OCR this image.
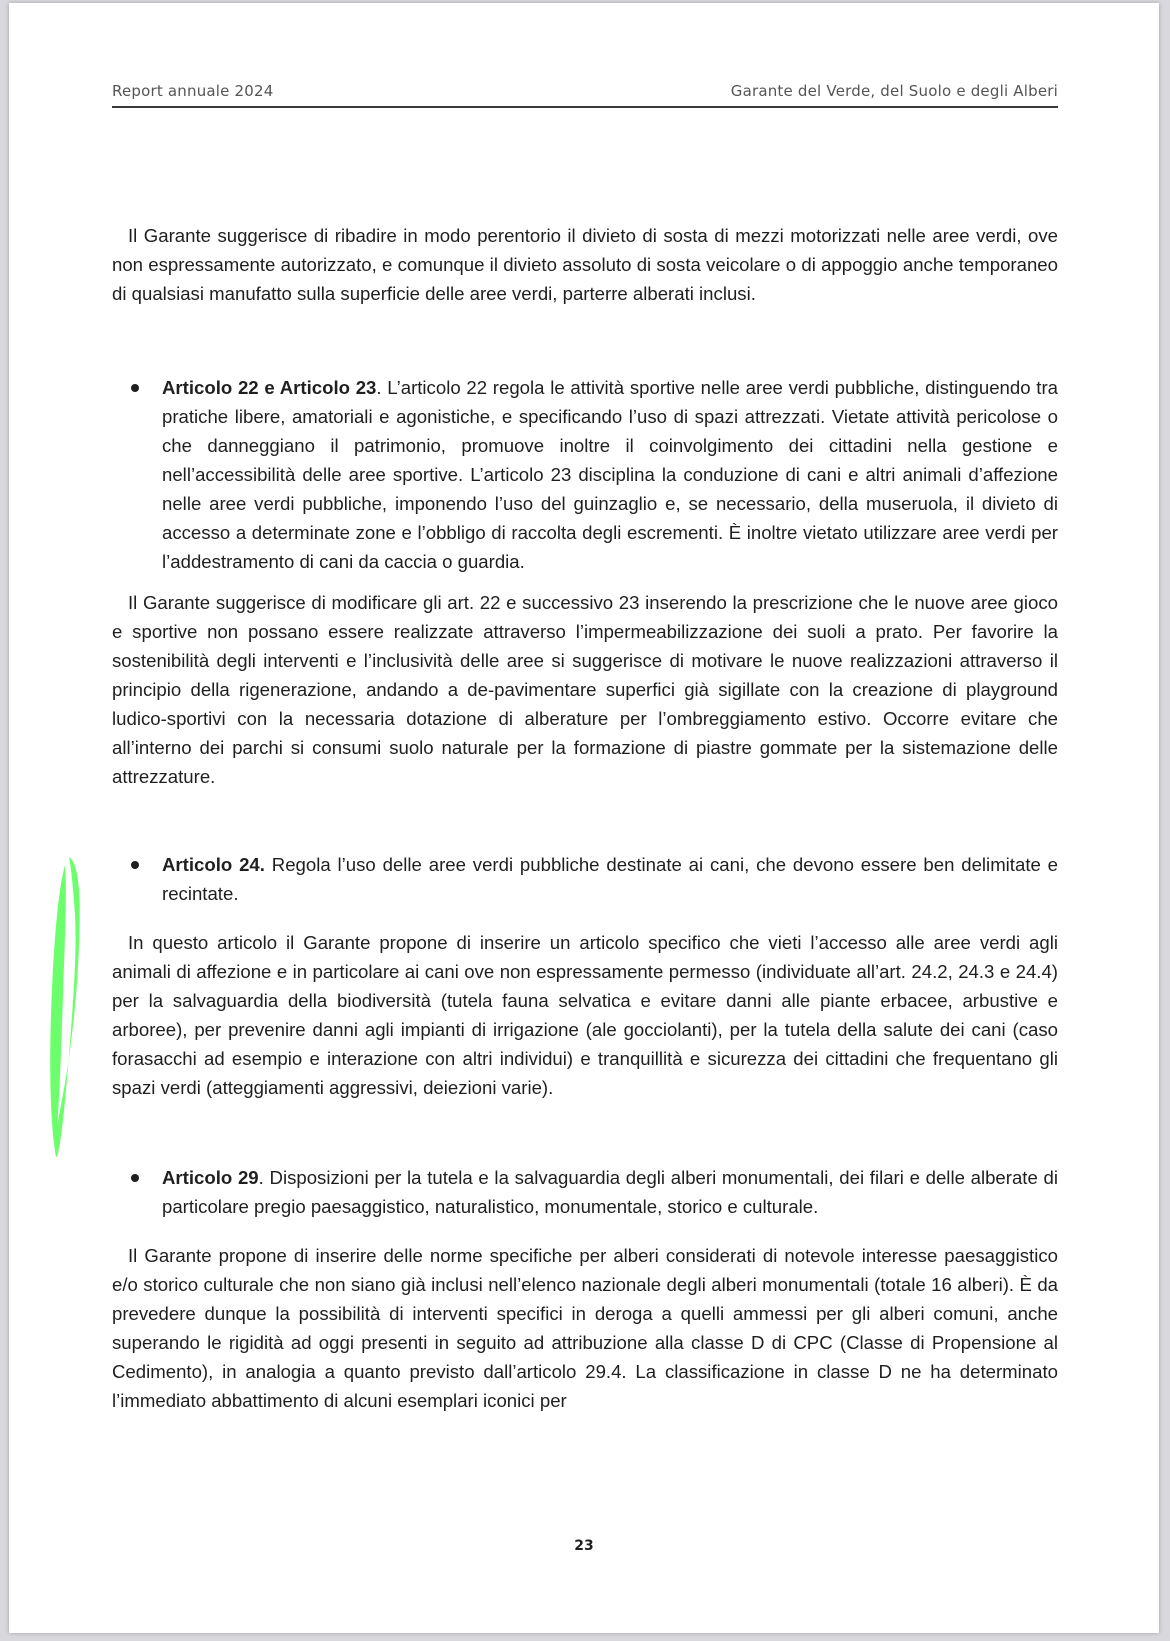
Report annuale 2024	Garante del Verde, del Suolo e degli Alberi

Il Garante suggerisce di ribadire in modo perentorio il divieto di sosta di mezzi motorizzati nelle aree verdi, ove non espressamente autorizzato, e comunque il divieto assoluto di sosta veicolare o di appoggio anche temporaneo di qualsiasi manufatto sulla superficie delle aree verdi, parterre alberati inclusi.

Articolo 22 e Articolo 23. L’articolo 22 regola le attività sportive nelle aree verdi pubbliche, distinguendo tra pratiche libere, amatoriali e agonistiche, e specificando l’uso di spazi attrezzati. Vietate attività pericolose o che danneggiano il patrimonio, promuove inoltre il coinvolgimento dei cittadini nella gestione e nell’accessibilità delle aree sportive. L’articolo 23 disciplina la conduzione di cani e altri animali d’affezione nelle aree verdi pubbliche, imponendo l’uso del guinzaglio e, se necessario, della museruola, il divieto di accesso a determinate zone e l’obbligo di raccolta degli escrementi. È inoltre vietato utilizzare aree verdi per l’addestramento di cani da caccia o guardia.

Il Garante suggerisce di modificare gli art. 22 e successivo 23 inserendo la prescrizione che le nuove aree gioco e sportive non possano essere realizzate attraverso l’impermeabilizzazione dei suoli a prato. Per favorire la sostenibilità degli interventi e l’inclusività delle aree si suggerisce di motivare le nuove realizzazioni attraverso il principio della rigenerazione, andando a de-pavimentare superfici già sigillate con la creazione di playground ludico-sportivi con la necessaria dotazione di alberature per l’ombreggiamento estivo. Occorre evitare che all’interno dei parchi si consumi suolo naturale per la formazione di piastre gommate per la sistemazione delle attrezzature.

Articolo 24. Regola l’uso delle aree verdi pubbliche destinate ai cani, che devono essere ben delimitate e recintate.

In questo articolo il Garante propone di inserire un articolo specifico che vieti l’accesso alle aree verdi agli animali di affezione e in particolare ai cani ove non espressamente permesso (individuate all’art. 24.2, 24.3 e 24.4) per la salvaguardia della biodiversità (tutela fauna selvatica e evitare danni alle piante erbacee, arbustive e arboree), per prevenire danni agli impianti di irrigazione (ale gocciolanti), per la tutela della salute dei cani (caso forasacchi ad esempio e interazione con altri individui) e tranquillità e sicurezza dei cittadini che frequentano gli spazi verdi (atteggiamenti aggressivi, deiezioni varie).

Articolo 29. Disposizioni per la tutela e la salvaguardia degli alberi monumentali, dei filari e delle alberate di particolare pregio paesaggistico, naturalistico, monumentale, storico e culturale.

Il Garante propone di inserire delle norme specifiche per alberi considerati di notevole interesse paesaggistico e/o storico culturale che non siano già inclusi nell’elenco nazionale degli alberi monumentali (totale 16 alberi). È da prevedere dunque la possibilità di interventi specifici in deroga a quelli ammessi per gli alberi comuni, anche superando le rigidità ad oggi presenti in seguito ad attribuzione alla classe D di CPC (Classe di Propensione al Cedimento), in analogia a quanto previsto dall’articolo 29.4. La classificazione in classe D ne ha determinato l’immediato abbattimento di alcuni esemplari iconici per

23
